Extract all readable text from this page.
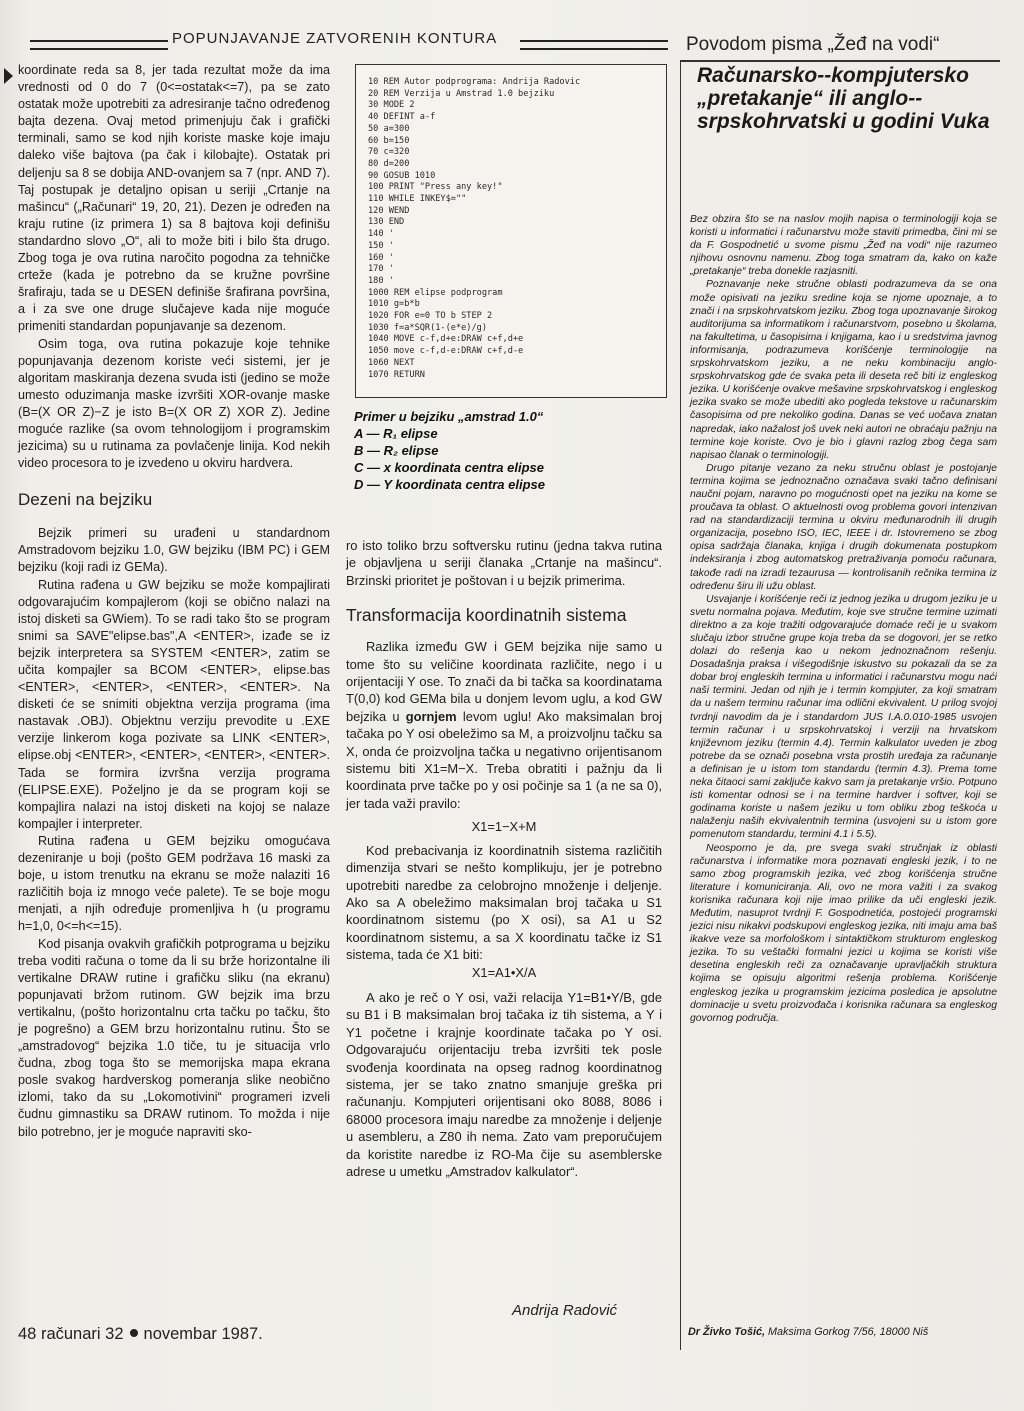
POPUNJAVANJE ZATVORENIH KONTURA	Povodom pisma „Žeđ na vodi“

koordinate reda sa 8, jer tada rezultat može da ima vrednosti od 0 do 7 (0<=ostatak<=7), pa se zato ostatak može upotrebiti za adresiranje tačno određenog bajta dezena. Ovaj metod primenjuju čak i grafički terminali, samo se kod njih koriste maske koje imaju daleko više bajtova (pa čak i kilobajte). Ostatak pri deljenju sa 8 se dobija AND-ovanjem sa 7 (npr. AND 7). Taj postupak je detaljno opisan u seriji „Crtanje na mašincu“ („Računari“ 19, 20, 21). Dezen je određen na kraju rutine (iz primera 1) sa 8 bajtova koji definišu standardno slovo „O“, ali to može biti i bilo šta drugo. Zbog toga je ova rutina naročito pogodna za tehničke crteže (kada je potrebno da se kružne površine šrafiraju, tada se u DESEN definiše šrafirana površina, a i za sve one druge slučajeve kada nije moguće primeniti standardan popunjavanje sa dezenom.

Osim toga, ova rutina pokazuje koje tehnike popunjavanja dezenom koriste veći sistemi, jer je algoritam maskiranja dezena svuda isti (jedino se može umesto oduzimanja maske izvršiti XOR-ovanje maske (B=(X OR Z)−Z je isto B=(X OR Z) XOR Z). Jedine moguće razlike (sa ovom tehnologijom i programskim jezicima) su u rutinama za povlačenje linija. Kod nekih video procesora to je izvedeno u okviru hardvera.

Dezeni na bejziku

Bejzik primeri su urađeni u standardnom Amstradovom bejziku 1.0, GW bejziku (IBM PC) i GEM bejziku (koji radi iz GEMa).

Rutina rađena u GW bejziku se može kompajlirati odgovarajućim kompajlerom (koji se obično nalazi na istoj disketi sa GWiem). To se radi tako što se program snimi sa SAVE"elipse.bas",A <ENTER>, izađe se iz bejzik interpretera sa SYSTEM <ENTER>, zatim se učita kompajler sa BCOM <ENTER>, elipse.bas <ENTER>, <ENTER>, <ENTER>, <ENTER>. Na disketi će se snimiti objektna verzija programa (ima nastavak .OBJ). Objektnu verziju prevodite u .EXE verzije linkerom koga pozivate sa LINK <ENTER>, elipse.obj <ENTER>, <ENTER>, <ENTER>, <ENTER>. Tada se formira izvršna verzija programa (ELIPSE.EXE). Poželjno je da se program koji se kompajlira nalazi na istoj disketi na kojoj se nalaze kompajler i interpreter.

Rutina rađena u GEM bejziku omogućava dezeniranje u boji (pošto GEM podržava 16 maski za boje, u istom trenutku na ekranu se može nalaziti 16 različitih boja iz mnogo veće palete). Te se boje mogu menjati, a njih određuje promenljiva h (u programu h=1,0, 0<=h<=15).

Kod pisanja ovakvih grafičkih potprograma u bejziku treba voditi računa o tome da li su brže horizontalne ili vertikalne DRAW rutine i grafičku sliku (na ekranu) popunjavati bržom rutinom. GW bejzik ima brzu vertikalnu, (pošto horizontalnu crta tačku po tačku, što je pogrešno) a GEM brzu horizontalnu rutinu. Što se „amstradovog“ bejzika 1.0 tiče, tu je situacija vrlo čudna, zbog toga što se memorijska mapa ekrana posle svakog hardverskog pomeranja slike neobično izlomi, tako da su „Lokomotivini“ programeri izveli čudnu gimnastiku sa DRAW rutinom. To možda i nije bilo potrebno, jer je moguće napraviti sko-

10 REM Autor podprograma: Andrija Radovic
20 REM Verzija u Amstrad 1.0 bejziku
30 MODE 2
40 DEFINT a-f
50 a=300
60 b=150
70 c=320
80 d=200
90 GOSUB 1010
100 PRINT "Press any key!"
110 WHILE INKEY$=""
120 WEND
130 END
140 '
150 '
160 '
170 '
180 '
1000 REM elipse podprogram
1010 g=b*b
1020 FOR e=0 TO b STEP 2
1030 f=a*SQR(1-(e*e)/g)
1040 MOVE c-f,d+e:DRAW c+f,d+e
1050 move c-f,d-e:DRAW c+f,d-e
1060 NEXT
1070 RETURN
Primer u bejziku „amstrad 1.0“
A — R₁ elipse
B — R₂ elipse
C — x koordinata centra elipse
D — Y koordinata centra elipse

ro isto toliko brzu softversku rutinu (jedna takva rutina je objavljena u seriji članaka „Crtanje na mašincu“. Brzinski prioritet je poštovan i u bejzik primerima.

Transformacija koordinatnih sistema

Razlika između GW i GEM bejzika nije samo u tome što su veličine koordinata različite, nego i u orijentaciji Y ose. To znači da bi tačka sa koordinatama T(0,0) kod GEMa bila u donjem levom uglu, a kod GW bejzika u gornjem levom uglu! Ako maksimalan broj tačaka po Y osi obeležimo sa M, a proizvoljnu tačku sa X, onda će proizvoljna tačka u negativno orijentisanom sistemu biti X1=M−X. Treba obratiti i pažnju da li koordinata prve tačke po y osi počinje sa 1 (a ne sa 0), jer tada važi pravilo:

X1=1−X+M

Kod prebacivanja iz koordinatnih sistema različitih dimenzija stvari se nešto komplikuju, jer je potrebno upotrebiti naredbe za celobrojno množenje i deljenje. Ako sa A obeležimo maksimalan broj tačaka u S1 koordinatnom sistemu (po X osi), sa A1 u S2 koordinatnom sistemu, a sa X koordinatu tačke iz S1 sistema, tada će X1 biti:

X1=A1•X/A

A ako je reč o Y osi, važi relacija Y1=B1•Y/B, gde su B1 i B maksimalan broj tačaka iz tih sistema, a Y i Y1 početne i krajnje koordinate tačaka po Y osi. Odgovarajuću orijentaciju treba izvršiti tek posle svođenja koordinata na opseg radnog koordinatnog sistema, jer se tako znatno smanjuje greška pri računanju. Kompjuteri orijentisani oko 8088, 8086 i 68000 procesora imaju naredbe za množenje i deljenje u asembleru, a Z80 ih nema. Zato vam preporučujem da koristite naredbe iz RO-Ma čije su asemblerske adrese u umetku „Amstradov kalkulator“.

Andrija Radović
48 računari 32 novembar 1987.
Računarsko--kompjutersko „pretakanje“ ili anglo--srpskohrvatski u godini Vuka

Bez obzira što se na naslov mojih napisa o terminologiji koja se koristi u informatici i računarstvu može staviti primedba, čini mi se da F. Gospodnetić u svome pismu „Žeđ na vodi“ nije razumeo njihovu osnovnu namenu. Zbog toga smatram da, kako on kaže „pretakanje“ treba donekle razjasniti.

Poznavanje neke stručne oblasti podrazumeva da se ona može opisivati na jeziku sredine koja se njome upoznaje, a to znači i na srpskohrvatskom jeziku. Zbog toga upoznavanje širokog auditorijuma sa informatikom i računarstvom, posebno u školama, na fakultetima, u časopisima i knjigama, kao i u sredstvima javnog informisanja, podrazumeva korišćenje terminologije na srpskohrvatskom jeziku, a ne neku kombinaciju anglo-srpskohrvatskog gde će svaka peta ili deseta reč biti iz engleskog jezika. U korišćenje ovakve mešavine srpskohrvatskog i engleskog jezika svako se može ubediti ako pogleda tekstove u računarskim časopisima od pre nekoliko godina. Danas se već uočava znatan napredak, iako nažalost još uvek neki autori ne obraćaju pažnju na termine koje koriste. Ovo je bio i glavni razlog zbog čega sam napisao članak o terminologiji.

Drugo pitanje vezano za neku stručnu oblast je postojanje termina kojima se jednoznačno označava svaki tačno definisani naučni pojam, naravno po mogućnosti opet na jeziku na kome se proučava ta oblast. O aktuelnosti ovog problema govori intenzivan rad na standardizaciji termina u okviru međunarodnih ili drugih organizacija, posebno ISO, IEC, IEEE i dr. Istovremeno se zbog opisa sadržaja članaka, knjiga i drugih dokumenata postupkom indeksiranja i zbog automatskog pretraživanja pomoću računara, takođe radi na izradi tezaurusa — kontrolisanih rečnika termina iz određenu širu ili užu oblast.

Usvajanje i korišćenje reči iz jednog jezika u drugom jeziku je u svetu normalna pojava. Međutim, koje sve stručne termine uzimati direktno a za koje tražiti odgovarajuće domaće reči je u svakom slučaju izbor stručne grupe koja treba da se dogovori, jer se retko dolazi do rešenja kao u nekom jednoznačnom rešenju. Dosadašnja praksa i višegodišnje iskustvo su pokazali da se za dobar broj engleskih termina u informatici i računarstvu mogu naći naši termini. Jedan od njih je i termin kompjuter, za koji smatram da u našem terminu računar ima odlični ekvivalent. U prilog svojoj tvrdnji navodim da je i standardom JUS I.A.0.010-1985 usvojen termin računar i u srpskohrvatskoj i verziji na hrvatskom književnom jeziku (termin 4.4). Termin kalkulator uveden je zbog potrebe da se označi posebna vrsta prostih uređaja za računanje a definisan je u istom tom standardu (termin 4.3). Prema tome neka čitaoci sami zaključe kakvo sam ja pretakanje vršio. Potpuno isti komentar odnosi se i na termine hardver i softver, koji se godinama koriste u našem jeziku u tom obliku zbog teškoća u nalaženju naših ekvivalentnih termina (usvojeni su u istom gore pomenutom standardu, termini 4.1 i 5.5).

Neosporno je da, pre svega svaki stručnjak iz oblasti računarstva i informatike mora poznavati engleski jezik, i to ne samo zbog programskih jezika, već zbog korišćenja stručne literature i komuniciranja. Ali, ovo ne mora važiti i za svakog korisnika računara koji nije imao prilike da uči engleski jezik. Međutim, nasuprot tvrdnji F. Gospodnetića, postojeći programski jezici nisu nikakvi podskupovi engleskog jezika, niti imaju ama baš ikakve veze sa morfološkom i sintaktičkom strukturom engleskog jezika. To su veštački formalni jezici u kojima se koristi više desetina engleskih reči za označavanje upravljačkih struktura kojima se opisuju algoritmi rešenja problema. Korišćenje engleskog jezika u programskim jezicima posledica je apsolutne dominacije u svetu proizvođača i korisnika računara sa engleskog govornog područja.

Dr Živko Tošić, Maksima Gorkog 7/56, 18000 Niš
